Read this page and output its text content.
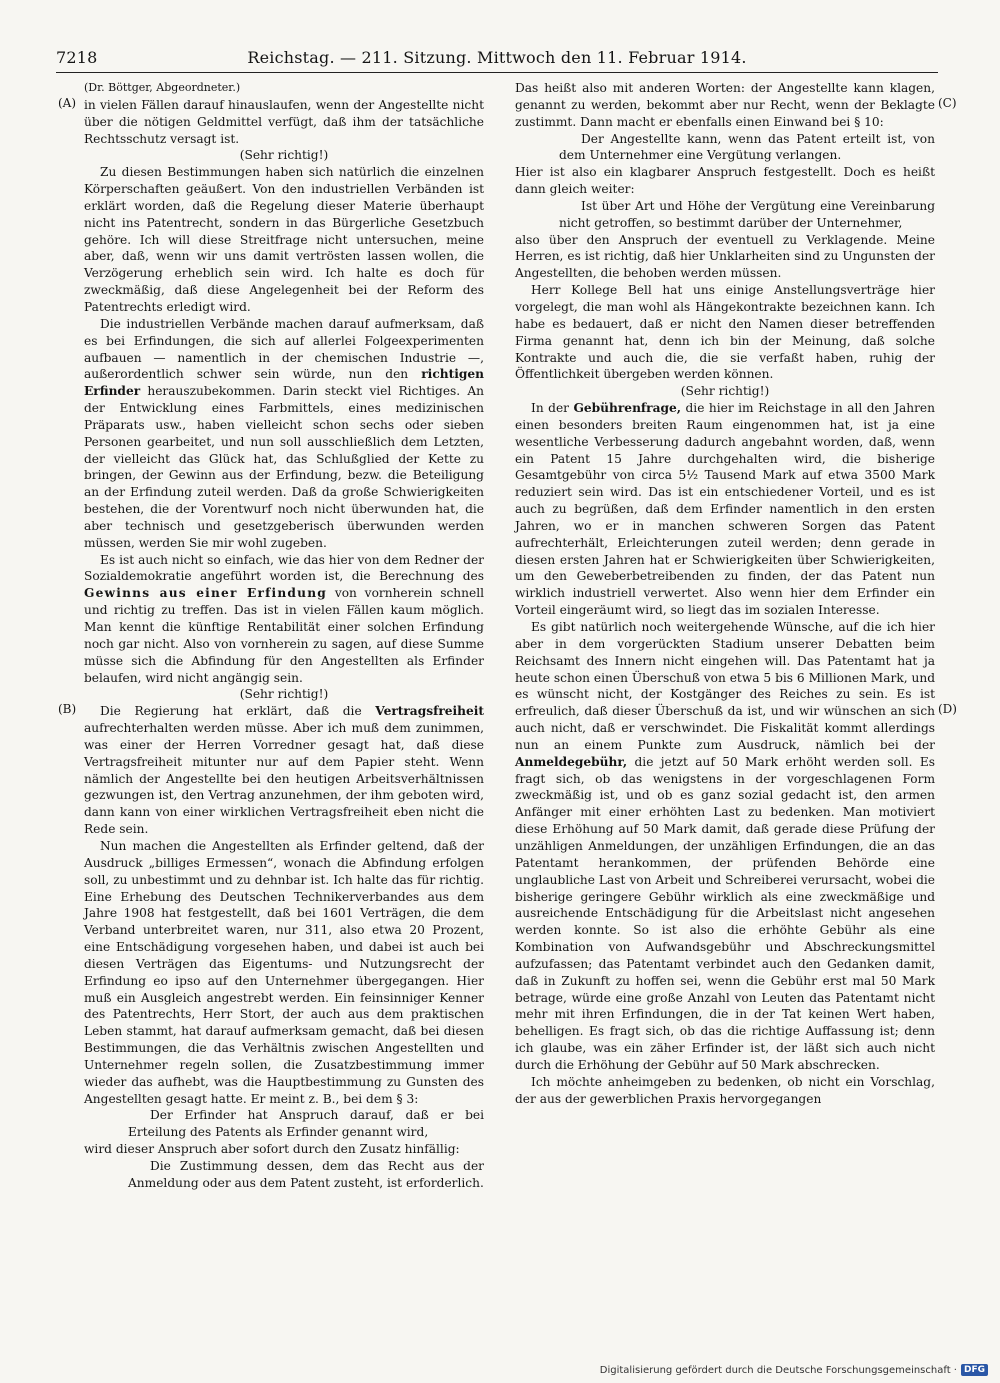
7218	Reichstag. — 211. Sitzung. Mittwoch den 11. Februar 1914.
(A)
(B)
(C)
(D)

(Dr. Böttger, Abgeordneter.)

in vielen Fällen darauf hinauslaufen, wenn der Angestellte nicht über die nötigen Geldmittel verfügt, daß ihm der tatsächliche Rechtsschutz versagt ist.

(Sehr richtig!)

Zu diesen Bestimmungen haben sich natürlich die einzelnen Körperschaften geäußert. Von den industriellen Verbänden ist erklärt worden, daß die Regelung dieser Materie überhaupt nicht ins Patentrecht, sondern in das Bürgerliche Gesetzbuch gehöre. Ich will diese Streitfrage nicht untersuchen, meine aber, daß, wenn wir uns damit vertrösten lassen wollen, die Verzögerung erheblich sein wird. Ich halte es doch für zweckmäßig, daß diese Angelegenheit bei der Reform des Patentrechts erledigt wird.

Die industriellen Verbände machen darauf aufmerksam, daß es bei Erfindungen, die sich auf allerlei Folgeexperimenten aufbauen — namentlich in der chemischen Industrie —, außerordentlich schwer sein würde, nun den richtigen Erfinder herauszubekommen. Darin steckt viel Richtiges. An der Entwicklung eines Farbmittels, eines medizinischen Präparats usw., haben vielleicht schon sechs oder sieben Personen gearbeitet, und nun soll ausschließlich dem Letzten, der vielleicht das Glück hat, das Schlußglied der Kette zu bringen, der Gewinn aus der Erfindung, bezw. die Beteiligung an der Erfindung zuteil werden. Daß da große Schwierigkeiten bestehen, die der Vorentwurf noch nicht überwunden hat, die aber technisch und gesetzgeberisch überwunden werden müssen, werden Sie mir wohl zugeben.

Es ist auch nicht so einfach, wie das hier von dem Redner der Sozialdemokratie angeführt worden ist, die Berechnung des Gewinns aus einer Erfindung von vornherein schnell und richtig zu treffen. Das ist in vielen Fällen kaum möglich. Man kennt die künftige Rentabilität einer solchen Erfindung noch gar nicht. Also von vornherein zu sagen, auf diese Summe müsse sich die Abfindung für den Angestellten als Erfinder belaufen, wird nicht angängig sein.

(Sehr richtig!)

Die Regierung hat erklärt, daß die Vertragsfreiheit aufrechterhalten werden müsse. Aber ich muß dem zunimmen, was einer der Herren Vorredner gesagt hat, daß diese Vertragsfreiheit mitunter nur auf dem Papier steht. Wenn nämlich der Angestellte bei den heutigen Arbeitsverhältnissen gezwungen ist, den Vertrag anzunehmen, der ihm geboten wird, dann kann von einer wirklichen Vertragsfreiheit eben nicht die Rede sein.

Nun machen die Angestellten als Erfinder geltend, daß der Ausdruck „billiges Ermessen“, wonach die Abfindung erfolgen soll, zu unbestimmt und zu dehnbar ist. Ich halte das für richtig. Eine Erhebung des Deutschen Technikerverbandes aus dem Jahre 1908 hat festgestellt, daß bei 1601 Verträgen, die dem Verband unterbreitet waren, nur 311, also etwa 20 Prozent, eine Entschädigung vorgesehen haben, und dabei ist auch bei diesen Verträgen das Eigentums- und Nutzungsrecht der Erfindung eo ipso auf den Unternehmer übergegangen. Hier muß ein Ausgleich angestrebt werden. Ein feinsinniger Kenner des Patentrechts, Herr Stort, der auch aus dem praktischen Leben stammt, hat darauf aufmerksam gemacht, daß bei diesen Bestimmungen, die das Verhältnis zwischen Angestellten und Unternehmer regeln sollen, die Zusatzbestimmung immer wieder das aufhebt, was die Hauptbestimmung zu Gunsten des Angestellten gesagt hatte. Er meint z. B., bei dem § 3:

Der Erfinder hat Anspruch darauf, daß er bei Erteilung des Patents als Erfinder genannt wird,

wird dieser Anspruch aber sofort durch den Zusatz hinfällig:

Die Zustimmung dessen, dem das Recht aus der Anmeldung oder aus dem Patent zusteht, ist erforderlich.

Das heißt also mit anderen Worten: der Angestellte kann klagen, genannt zu werden, bekommt aber nur Recht, wenn der Beklagte zustimmt. Dann macht er ebenfalls einen Einwand bei § 10:

Der Angestellte kann, wenn das Patent erteilt ist, von dem Unternehmer eine Vergütung verlangen.

Hier ist also ein klagbarer Anspruch festgestellt. Doch es heißt dann gleich weiter:

Ist über Art und Höhe der Vergütung eine Vereinbarung nicht getroffen, so bestimmt darüber der Unternehmer,

also über den Anspruch der eventuell zu Verklagende. Meine Herren, es ist richtig, daß hier Unklarheiten sind zu Ungunsten der Angestellten, die behoben werden müssen.

Herr Kollege Bell hat uns einige Anstellungsverträge hier vorgelegt, die man wohl als Hängekontrakte bezeichnen kann. Ich habe es bedauert, daß er nicht den Namen dieser betreffenden Firma genannt hat, denn ich bin der Meinung, daß solche Kontrakte und auch die, die sie verfaßt haben, ruhig der Öffentlichkeit übergeben werden können.

(Sehr richtig!)

In der Gebührenfrage, die hier im Reichstage in all den Jahren einen besonders breiten Raum eingenommen hat, ist ja eine wesentliche Verbesserung dadurch angebahnt worden, daß, wenn ein Patent 15 Jahre durchgehalten wird, die bisherige Gesamtgebühr von circa 5½ Tausend Mark auf etwa 3500 Mark reduziert sein wird. Das ist ein entschiedener Vorteil, und es ist auch zu begrüßen, daß dem Erfinder namentlich in den ersten Jahren, wo er in manchen schweren Sorgen das Patent aufrechterhält, Erleichterungen zuteil werden; denn gerade in diesen ersten Jahren hat er Schwierigkeiten über Schwierigkeiten, um den Geweberbetreibenden zu finden, der das Patent nun wirklich industriell verwertet. Also wenn hier dem Erfinder ein Vorteil eingeräumt wird, so liegt das im sozialen Interesse.

Es gibt natürlich noch weitergehende Wünsche, auf die ich hier aber in dem vorgerückten Stadium unserer Debatten beim Reichsamt des Innern nicht eingehen will. Das Patentamt hat ja heute schon einen Überschuß von etwa 5 bis 6 Millionen Mark, und es wünscht nicht, der Kostgänger des Reiches zu sein. Es ist erfreulich, daß dieser Überschuß da ist, und wir wünschen an sich auch nicht, daß er verschwindet. Die Fiskalität kommt allerdings nun an einem Punkte zum Ausdruck, nämlich bei der Anmeldegebühr, die jetzt auf 50 Mark erhöht werden soll. Es fragt sich, ob das wenigstens in der vorgeschlagenen Form zweckmäßig ist, und ob es ganz sozial gedacht ist, den armen Anfänger mit einer erhöhten Last zu bedenken. Man motiviert diese Erhöhung auf 50 Mark damit, daß gerade diese Prüfung der unzähligen Anmeldungen, der unzähligen Erfindungen, die an das Patentamt herankommen, der prüfenden Behörde eine unglaubliche Last von Arbeit und Schreiberei verursacht, wobei die bisherige geringere Gebühr wirklich als eine zweckmäßige und ausreichende Entschädigung für die Arbeitslast nicht angesehen werden konnte. So ist also die erhöhte Gebühr als eine Kombination von Aufwandsgebühr und Abschreckungsmittel aufzufassen; das Patentamt verbindet auch den Gedanken damit, daß in Zukunft zu hoffen sei, wenn die Gebühr erst mal 50 Mark betrage, würde eine große Anzahl von Leuten das Patentamt nicht mehr mit ihren Erfindungen, die in der Tat keinen Wert haben, behelligen. Es fragt sich, ob das die richtige Auffassung ist; denn ich glaube, was ein zäher Erfinder ist, der läßt sich auch nicht durch die Erhöhung der Gebühr auf 50 Mark abschrecken.

Ich möchte anheimgeben zu bedenken, ob nicht ein Vorschlag, der aus der gewerblichen Praxis hervorgegangen

Digitalisierung gefördert durch die Deutsche Forschungsgemeinschaft · DFG
